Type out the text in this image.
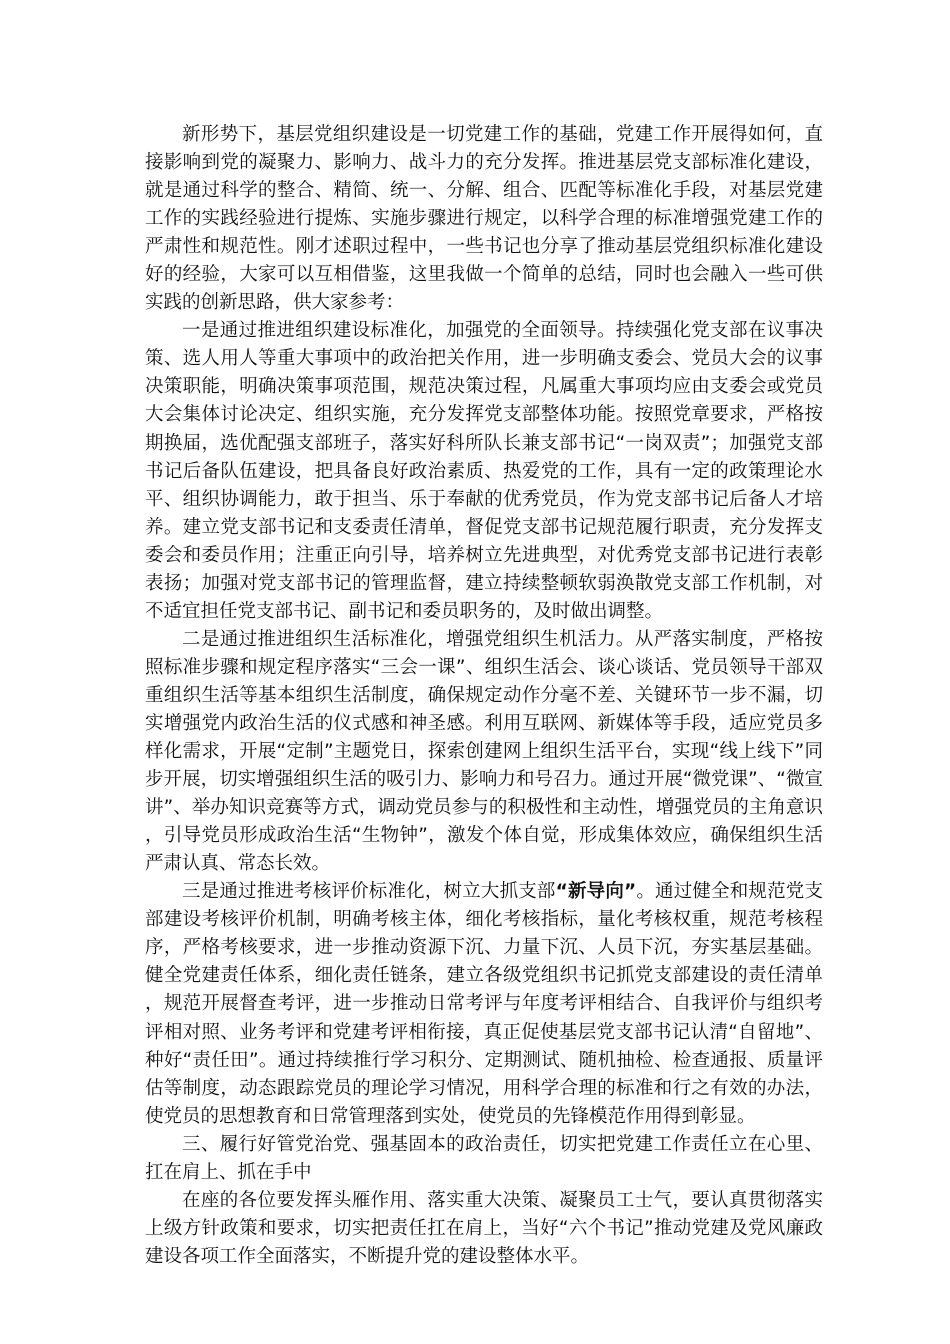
新形势下，基层党组织建设是一切党建工作的基础，党建工作开展得如何，直接影响到党的凝聚力、影响力、战斗力的充分发挥。推进基层党支部标准化建设，就是通过科学的整合、精简、统一、分解、组合、匹配等标准化手段，对基层党建工作的实践经验进行提炼、实施步骤进行规定，以科学合理的标准增强党建工作的严肃性和规范性。刚才述职过程中，一些书记也分享了推动基层党组织标准化建设好的经验，大家可以互相借鉴，这里我做一个简单的总结，同时也会融入一些可供实践的创新思路，供大家参考：

一是通过推进组织建设标准化，加强党的全面领导。持续强化党支部在议事决策、选人用人等重大事项中的政治把关作用，进一步明确支委会、党员大会的议事决策职能，明确决策事项范围，规范决策过程，凡属重大事项均应由支委会或党员大会集体讨论决定、组织实施，充分发挥党支部整体功能。按照党章要求，严格按期换届，选优配强支部班子，落实好科所队长兼支部书记“一岗双责”；加强党支部书记后备队伍建设，把具备良好政治素质、热爱党的工作，具有一定的政策理论水平、组织协调能力，敢于担当、乐于奉献的优秀党员，作为党支部书记后备人才培养。建立党支部书记和支委责任清单，督促党支部书记规范履行职责，充分发挥支委会和委员作用；注重正向引导，培养树立先进典型，对优秀党支部书记进行表彰表扬；加强对党支部书记的管理监督，建立持续整顿软弱涣散党支部工作机制，对不适宜担任党支部书记、副书记和委员职务的，及时做出调整。

二是通过推进组织生活标准化，增强党组织生机活力。从严落实制度，严格按照标准步骤和规定程序落实“三会一课”、组织生活会、谈心谈话、党员领导干部双重组织生活等基本组织生活制度，确保规定动作分毫不差、关键环节一步不漏，切实增强党内政治生活的仪式感和神圣感。利用互联网、新媒体等手段，适应党员多样化需求，开展“定制”主题党日，探索创建网上组织生活平台，实现“线上线下”同步开展，切实增强组织生活的吸引力、影响力和号召力。通过开展“微党课”、“微宣讲”、举办知识竞赛等方式，调动党员参与的积极性和主动性，增强党员的主角意识，引导党员形成政治生活“生物钟”，激发个体自觉，形成集体效应，确保组织生活严肃认真、常态长效。

三是通过推进考核评价标准化，树立大抓支部“新导向”。通过健全和规范党支部建设考核评价机制，明确考核主体，细化考核指标，量化考核权重，规范考核程序，严格考核要求，进一步推动资源下沉、力量下沉、人员下沉，夯实基层基础。健全党建责任体系，细化责任链条，建立各级党组织书记抓党支部建设的责任清单，规范开展督查考评，进一步推动日常考评与年度考评相结合、自我评价与组织考评相对照、业务考评和党建考评相衔接，真正促使基层党支部书记认清“自留地”、种好“责任田”。通过持续推行学习积分、定期测试、随机抽检、检查通报、质量评估等制度，动态跟踪党员的理论学习情况，用科学合理的标准和行之有效的办法，使党员的思想教育和日常管理落到实处，使党员的先锋模范作用得到彰显。

三、履行好管党治党、强基固本的政治责任，切实把党建工作责任立在心里、扛在肩上、抓在手中

在座的各位要发挥头雁作用、落实重大决策、凝聚员工士气，要认真贯彻落实上级方针政策和要求，切实把责任扛在肩上，当好“六个书记”推动党建及党风廉政建设各项工作全面落实，不断提升党的建设整体水平。
